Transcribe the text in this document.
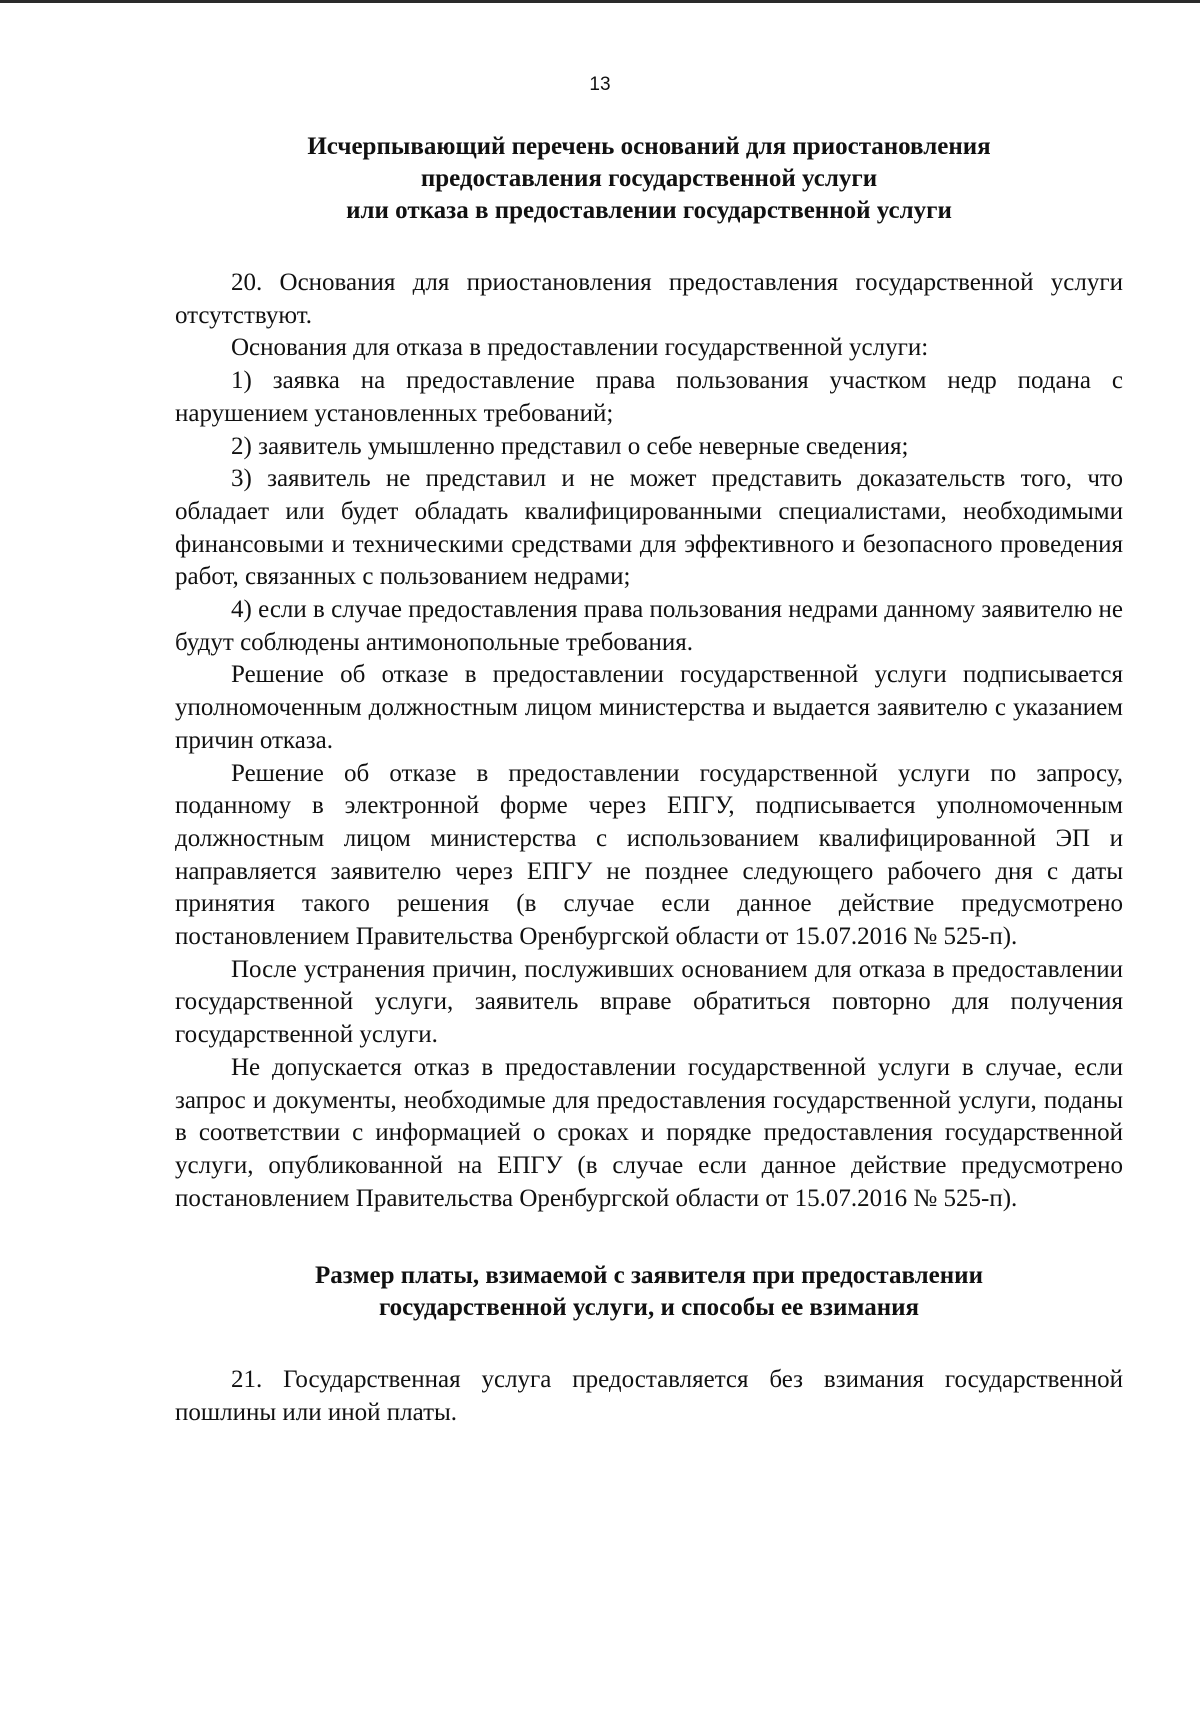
13
Исчерпывающий перечень оснований для приостановления
предоставления государственной услуги
или отказа в предоставлении государственной услуги

20. Основания для приостановления предоставления государственной услуги отсутствуют.

Основания для отказа в предоставлении государственной услуги:

1) заявка на предоставление права пользования участком недр подана с нарушением установленных требований;

2) заявитель умышленно представил о себе неверные сведения;

3) заявитель не представил и не может представить доказательств того, что обладает или будет обладать квалифицированными специалистами, необходимыми финансовыми и техническими средствами для эффективного и безопасного проведения работ, связанных с пользованием недрами;

4) если в случае предоставления права пользования недрами данному заявителю не будут соблюдены антимонопольные требования.

Решение об отказе в предоставлении государственной услуги подписывается уполномоченным должностным лицом министерства и выдается заявителю с указанием причин отказа.

Решение об отказе в предоставлении государственной услуги по запросу, поданному в электронной форме через ЕПГУ, подписывается уполномоченным должностным лицом министерства с использованием квалифицированной ЭП и направляется заявителю через ЕПГУ не позднее следующего рабочего дня с даты принятия такого решения (в случае если данное действие предусмотрено постановлением Правительства Оренбургской области от 15.07.2016 № 525-п).

После устранения причин, послуживших основанием для отказа в предоставлении государственной услуги, заявитель вправе обратиться повторно для получения государственной услуги.

Не допускается отказ в предоставлении государственной услуги в случае, если запрос и документы, необходимые для предоставления государственной услуги, поданы в соответствии с информацией о сроках и порядке предоставления государственной услуги, опубликованной на ЕПГУ (в случае если данное действие предусмотрено постановлением Правительства Оренбургской области от 15.07.2016 № 525-п).

Размер платы, взимаемой с заявителя при предоставлении
государственной услуги, и способы ее взимания

21. Государственная услуга предоставляется без взимания государственной пошлины или иной платы.
